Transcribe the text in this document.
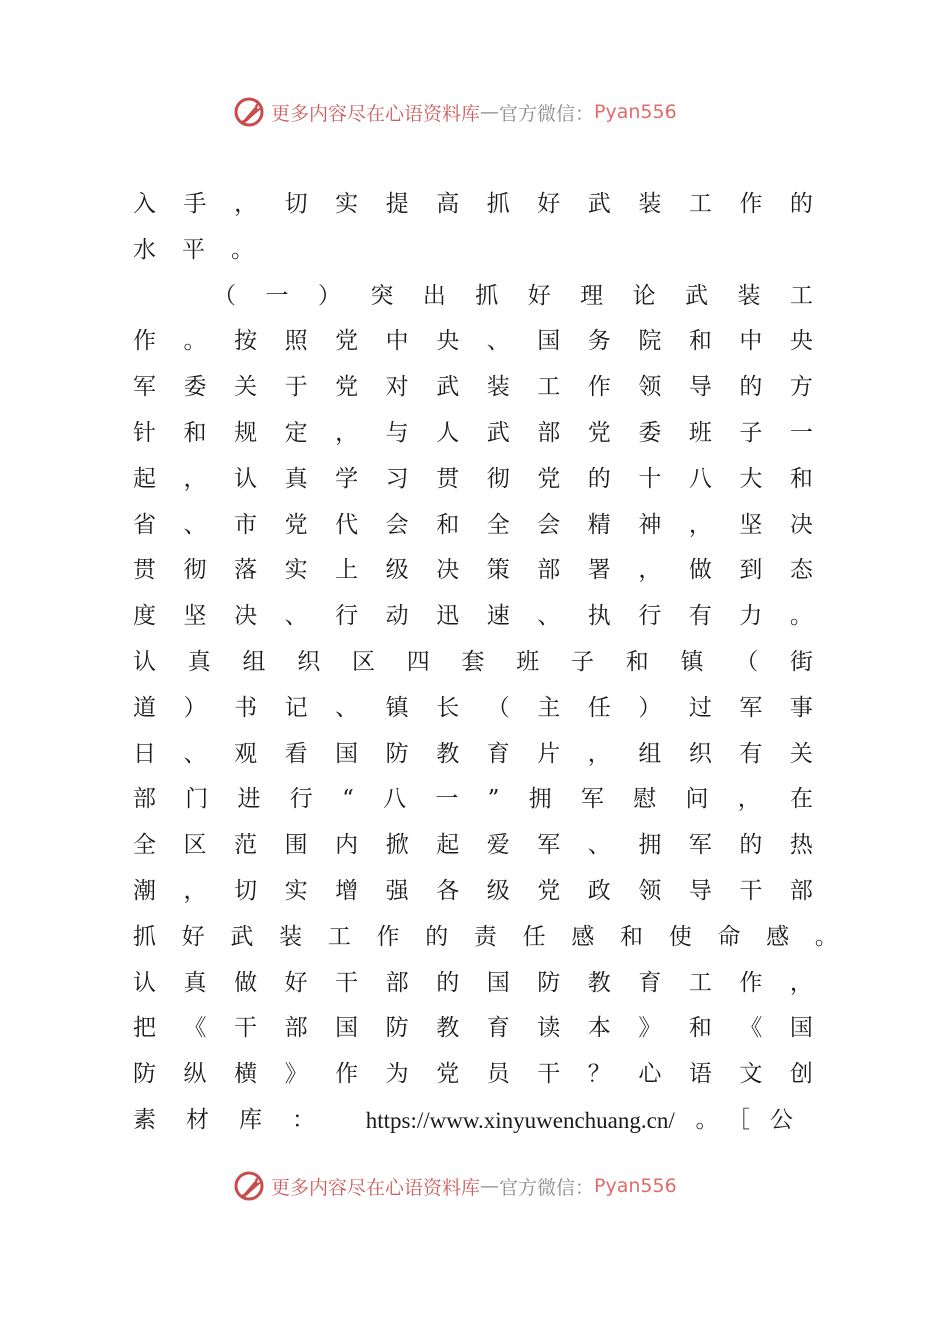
更多内容尽在心语资料库 — 官方微信： Pyan556
入 手 ， 切 实 提 高 抓 好 武 装 工 作 的
水平。
（ 一 ） 突 出 抓 好 理 论 武 装 工
作 。 按 照 党 中 央 、 国 务 院 和 中 央
军 委 关 于 党 对 武 装 工 作 领 导 的 方
针 和 规 定 ， 与 人 武 部 党 委 班 子 一
起 ， 认 真 学 习 贯 彻 党 的 十 八 大 和
省 、 市 党 代 会 和 全 会 精 神 ， 坚 决
贯 彻 落 实 上 级 决 策 部 署 ， 做 到 态
度 坚 决 、 行 动 迅 速 、 执 行 有 力 。
认 真 组 织 区 四 套 班 子 和 镇 （ 街
道 ） 书 记 、 镇 长 （ 主 任 ） 过 军 事
日 、 观 看 国 防 教 育 片 ， 组 织 有 关
部 门 进 行 “ 八 一 ” 拥 军 慰 问 ， 在
全 区 范 围 内 掀 起 爱 军 、 拥 军 的 热
潮 ， 切 实 增 强 各 级 党 政 领 导 干 部
抓 好 武 装 工 作 的 责 任 感 和 使 命 感 。
认 真 做 好 干 部 的 国 防 教 育 工 作 ，
把 《 干 部 国 防 教 育 读 本 》 和 《 国
防 纵 横 》 作 为 党 员 干 ？ 心 语 文 创
素材库： https://www.xinyuwenchuang.cn/ 。［公
更多内容尽在心语资料库 — 官方微信： Pyan556
